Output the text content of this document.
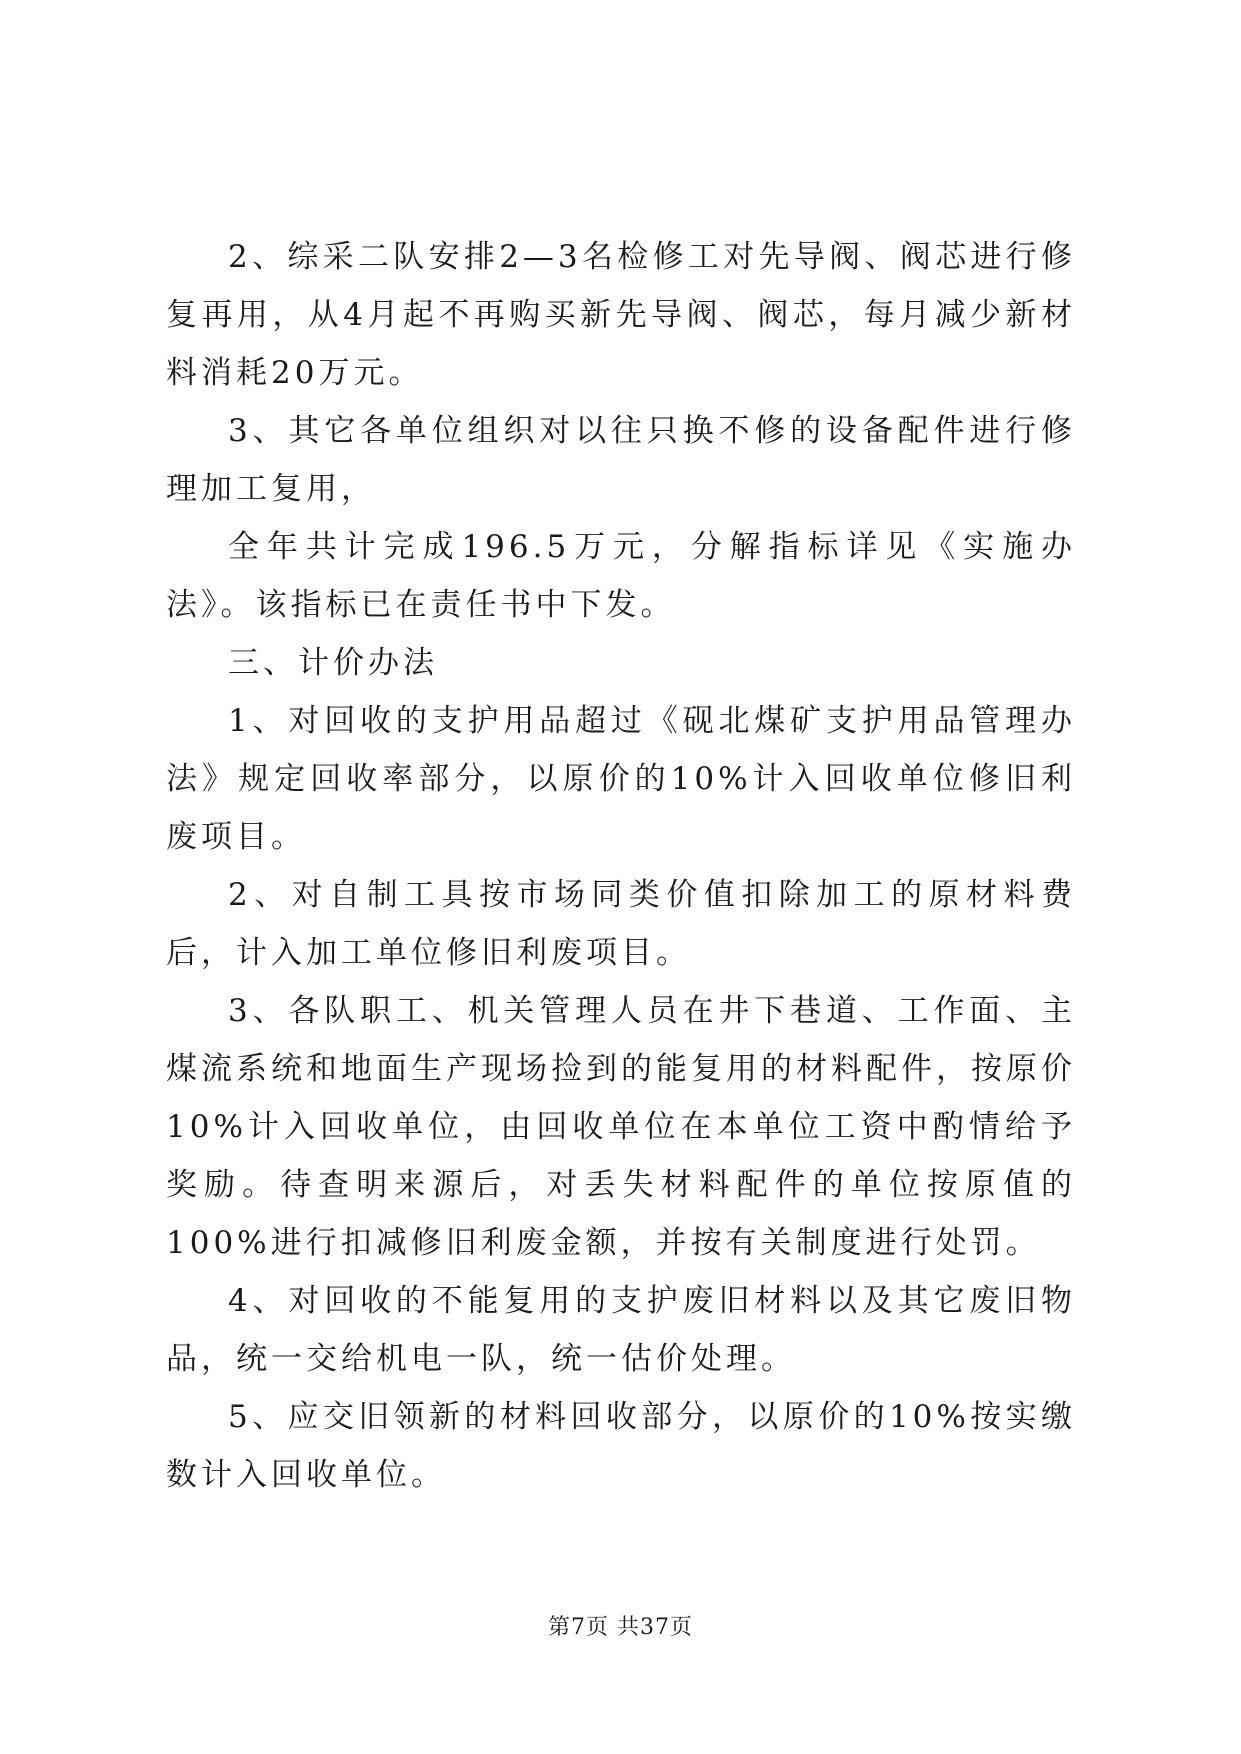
2、综采二队安排2—3名检修工对先导阀、阀芯进行修复再用，从4月起不再购买新先导阀、阀芯，每月减少新材料消耗20万元。

3、其它各单位组织对以往只换不修的设备配件进行修理加工复用，

全年共计完成196.5万元，分解指标详见《实施办法》。该指标已在责任书中下发。

三、计价办法

1、对回收的支护用品超过《砚北煤矿支护用品管理办法》规定回收率部分，以原价的10%计入回收单位修旧利废项目。

2、对自制工具按市场同类价值扣除加工的原材料费后，计入加工单位修旧利废项目。

3、各队职工、机关管理人员在井下巷道、工作面、主煤流系统和地面生产现场捡到的能复用的材料配件，按原价10%计入回收单位，由回收单位在本单位工资中酌情给予奖励。待查明来源后，对丢失材料配件的单位按原值的100%进行扣减修旧利废金额，并按有关制度进行处罚。

4、对回收的不能复用的支护废旧材料以及其它废旧物品，统一交给机电一队，统一估价处理。

5、应交旧领新的材料回收部分，以原价的10%按实缴数计入回收单位。

第7页 共37页
